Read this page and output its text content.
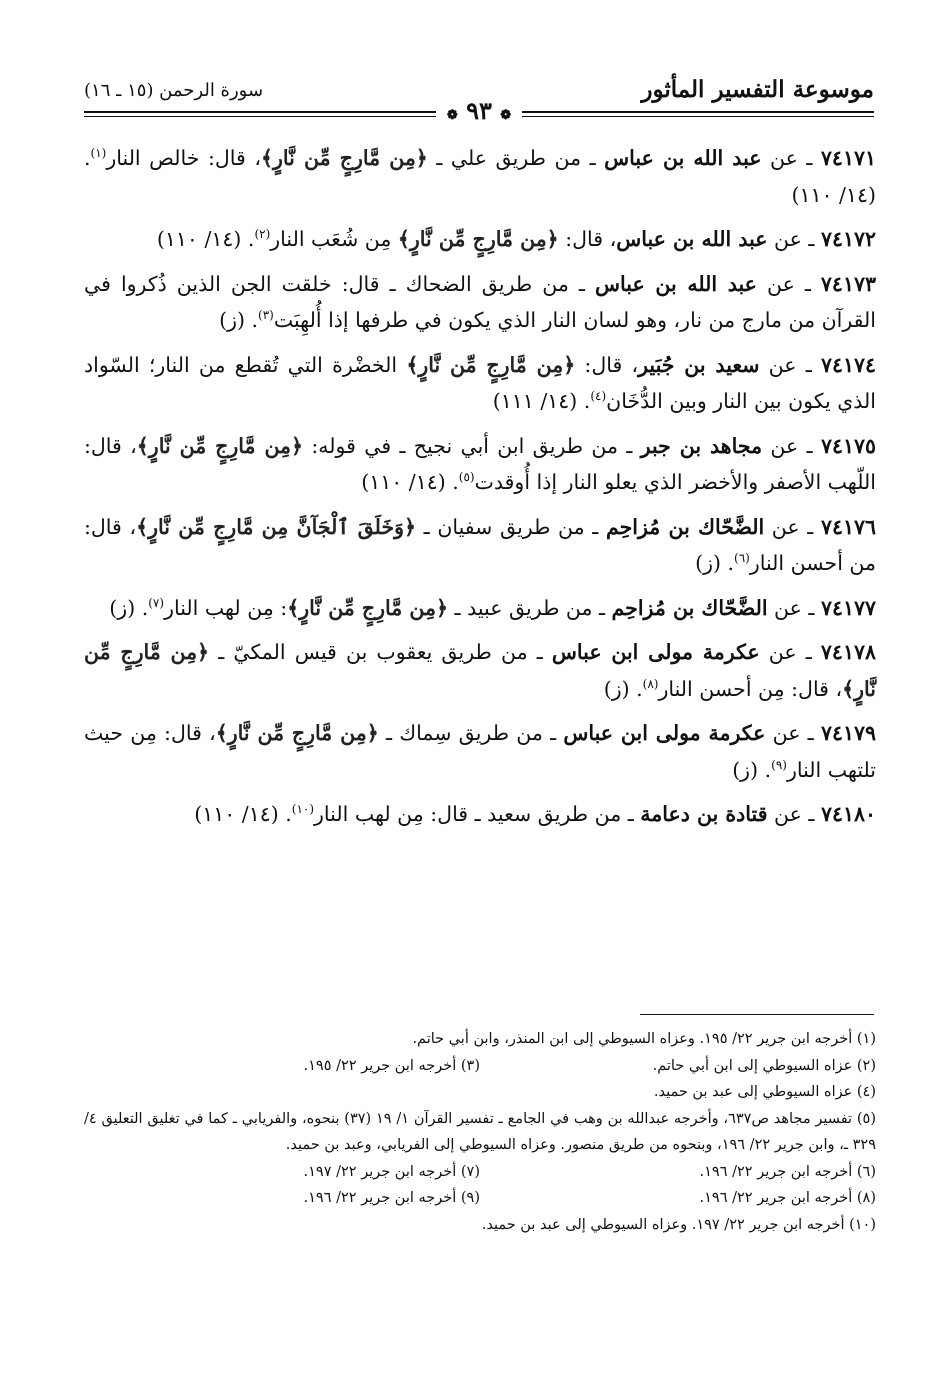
موسوعة التفسير المأثور
سورة الرحمن (١٥ ـ ١٦)
❁ ٩٣ ❁

٧٤١٧١ ـ عن عبد الله بن عباس ـ من طريق علي ـ ﴿مِن مَّارِجٍ مِّن نَّارٍ﴾، قال: خالص النار$^{(١)}$. (١٤/ ١١٠)

٧٤١٧٢ ـ عن عبد الله بن عباس، قال: ﴿مِن مَّارِجٍ مِّن نَّارٍ﴾ مِن شُعَب النار$^{(٢)}$. (١٤/ ١١٠)

٧٤١٧٣ ـ عن عبد الله بن عباس ـ من طريق الضحاك ـ قال: خلقت الجن الذين ذُكروا في القرآن من مارج من نار، وهو لسان النار الذي يكون في طرفها إذا أُلهِبَت$^{(٣)}$. (ز)

٧٤١٧٤ ـ عن سعيد بن جُبَير، قال: ﴿مِن مَّارِجٍ مِّن نَّارٍ﴾ الخضْرة التي تُقطع من النار؛ السّواد الذي يكون بين النار وبين الدُّخَان$^{(٤)}$. (١٤/ ١١١)

٧٤١٧٥ ـ عن مجاهد بن جبر ـ من طريق ابن أبي نجيح ـ في قوله: ﴿مِن مَّارِجٍ مِّن نَّارٍ﴾، قال: اللّهب الأصفر والأخضر الذي يعلو النار إذا أُوقدت$^{(٥)}$. (١٤/ ١١٠)

٧٤١٧٦ ـ عن الضَّحّاك بن مُزاحِم ـ من طريق سفيان ـ ﴿وَخَلَقَ ٱلْجَآنَّ مِن مَّارِجٍ مِّن نَّارٍ﴾، قال: من أحسن النار$^{(٦)}$. (ز)

٧٤١٧٧ ـ عن الضَّحّاك بن مُزاحِم ـ من طريق عبيد ـ ﴿مِن مَّارِجٍ مِّن نَّارٍ﴾: مِن لهب النار$^{(٧)}$. (ز)

٧٤١٧٨ ـ عن عكرمة مولى ابن عباس ـ من طريق يعقوب بن قيس المكيّ ـ ﴿مِن مَّارِجٍ مِّن نَّارٍ﴾، قال: مِن أحسن النار$^{(٨)}$. (ز)

٧٤١٧٩ ـ عن عكرمة مولى ابن عباس ـ من طريق سِماك ـ ﴿مِن مَّارِجٍ مِّن نَّارٍ﴾، قال: مِن حيث تلتهب النار$^{(٩)}$. (ز)

٧٤١٨٠ ـ عن قتادة بن دعامة ـ من طريق سعيد ـ قال: مِن لهب النار$^{(١٠)}$. (١٤/ ١١٠)

(١) أخرجه ابن جرير ٢٢/ ١٩٥. وعزاه السيوطي إلى ابن المنذر، وابن أبي حاتم.

(٢) عزاه السيوطي إلى ابن أبي حاتم.

(٣) أخرجه ابن جرير ٢٢/ ١٩٥.

(٤) عزاه السيوطي إلى عبد بن حميد.

(٥) تفسير مجاهد ص٦٣٧، وأخرجه عبدالله بن وهب في الجامع ـ تفسير القرآن ١/ ١٩ (٣٧) بنحوه، والفريابي ـ كما في تغليق التعليق ٤/ ٣٢٩ ـ، وابن جرير ٢٢/ ١٩٦، وبنحوه من طريق منصور. وعزاه السيوطي إلى الفريابي، وعبد بن حميد.

(٦) أخرجه ابن جرير ٢٢/ ١٩٦.

(٧) أخرجه ابن جرير ٢٢/ ١٩٧.

(٨) أخرجه ابن جرير ٢٢/ ١٩٦.

(٩) أخرجه ابن جرير ٢٢/ ١٩٦.

(١٠) أخرجه ابن جرير ٢٢/ ١٩٧. وعزاه السيوطي إلى عبد بن حميد.
